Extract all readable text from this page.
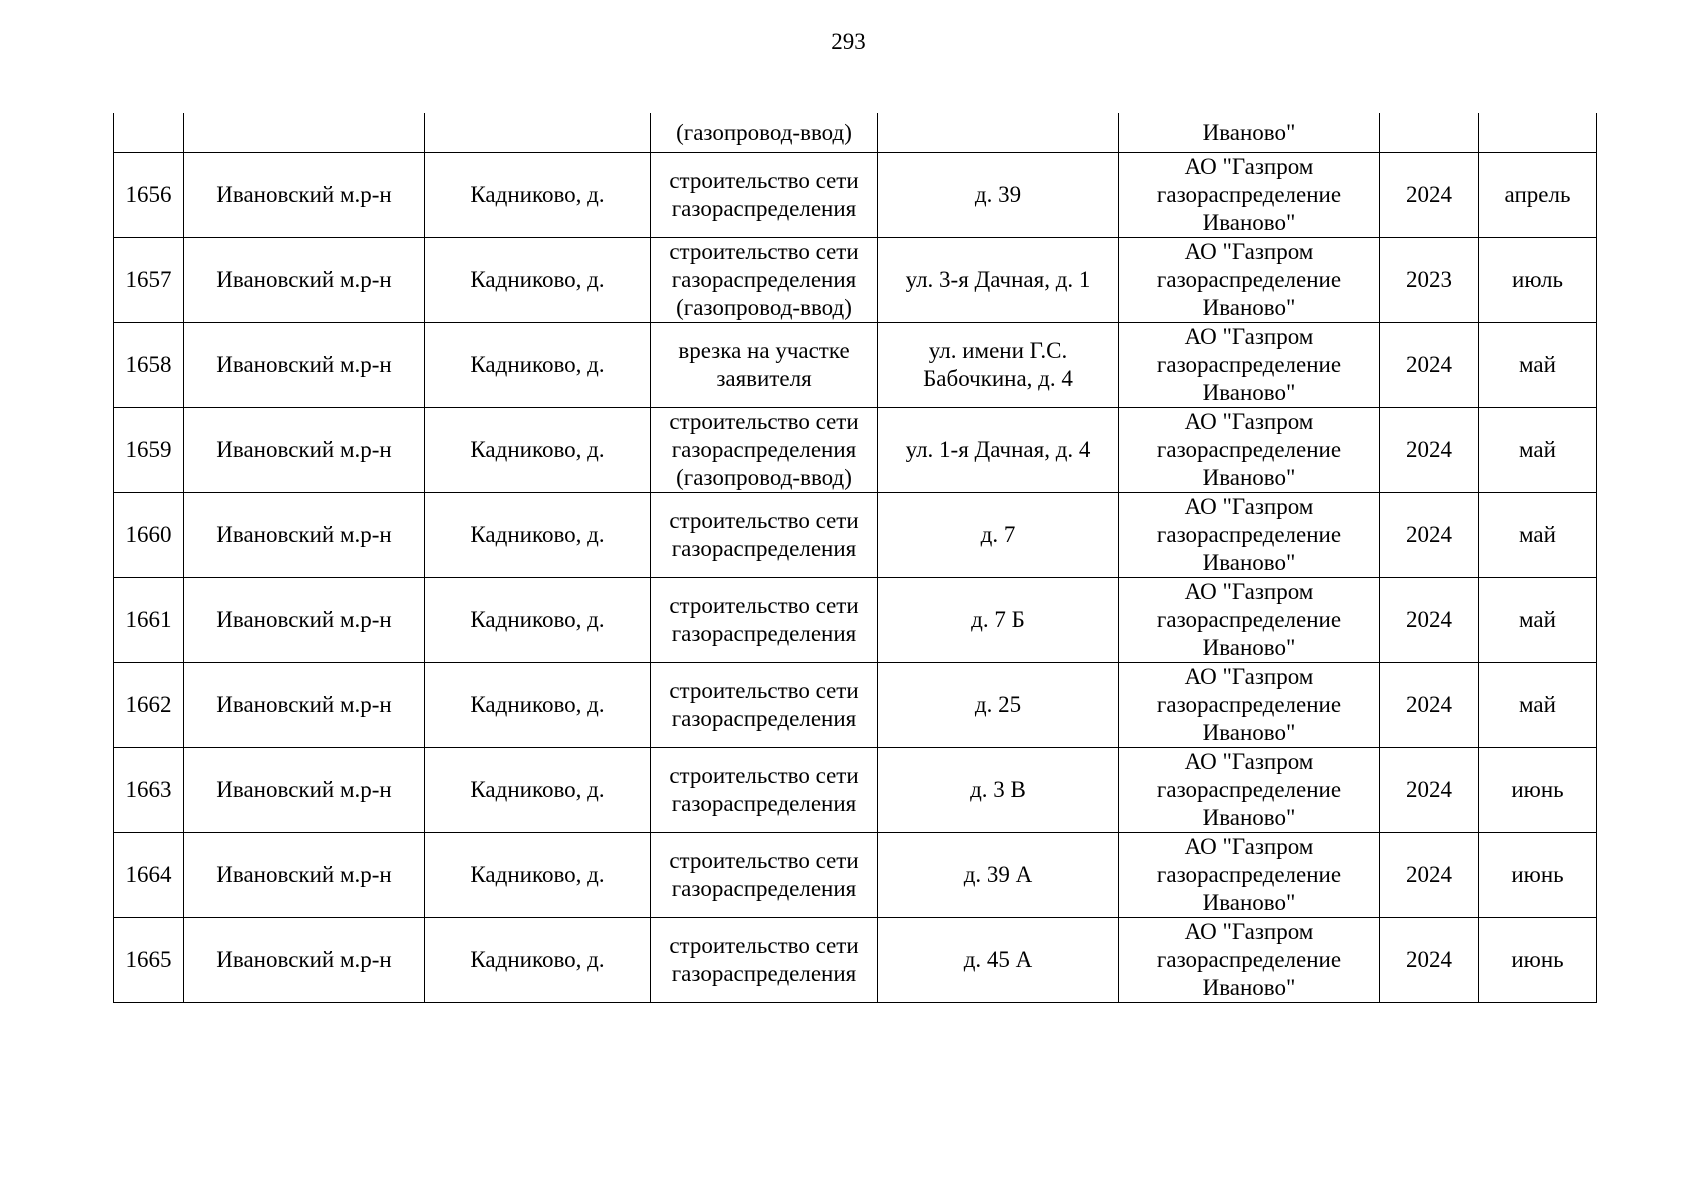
293
			(газопровод-ввод)		Иваново"		
1656	Ивановский м.р-н	Кадниково, д.	строительство сети
газораспределения	д. 39	АО "Газпром
газораспределение
Иваново"	2024	апрель
1657	Ивановский м.р-н	Кадниково, д.	строительство сети
газораспределения
(газопровод-ввод)	ул. 3-я Дачная, д. 1	АО "Газпром
газораспределение
Иваново"	2023	июль
1658	Ивановский м.р-н	Кадниково, д.	врезка на участке
заявителя	ул. имени Г.С.
Бабочкина, д. 4	АО "Газпром
газораспределение
Иваново"	2024	май
1659	Ивановский м.р-н	Кадниково, д.	строительство сети
газораспределения
(газопровод-ввод)	ул. 1-я Дачная, д. 4	АО "Газпром
газораспределение
Иваново"	2024	май
1660	Ивановский м.р-н	Кадниково, д.	строительство сети
газораспределения	д. 7	АО "Газпром
газораспределение
Иваново"	2024	май
1661	Ивановский м.р-н	Кадниково, д.	строительство сети
газораспределения	д. 7 Б	АО "Газпром
газораспределение
Иваново"	2024	май
1662	Ивановский м.р-н	Кадниково, д.	строительство сети
газораспределения	д. 25	АО "Газпром
газораспределение
Иваново"	2024	май
1663	Ивановский м.р-н	Кадниково, д.	строительство сети
газораспределения	д. 3 В	АО "Газпром
газораспределение
Иваново"	2024	июнь
1664	Ивановский м.р-н	Кадниково, д.	строительство сети
газораспределения	д. 39 А	АО "Газпром
газораспределение
Иваново"	2024	июнь
1665	Ивановский м.р-н	Кадниково, д.	строительство сети
газораспределения	д. 45 А	АО "Газпром
газораспределение
Иваново"	2024	июнь
